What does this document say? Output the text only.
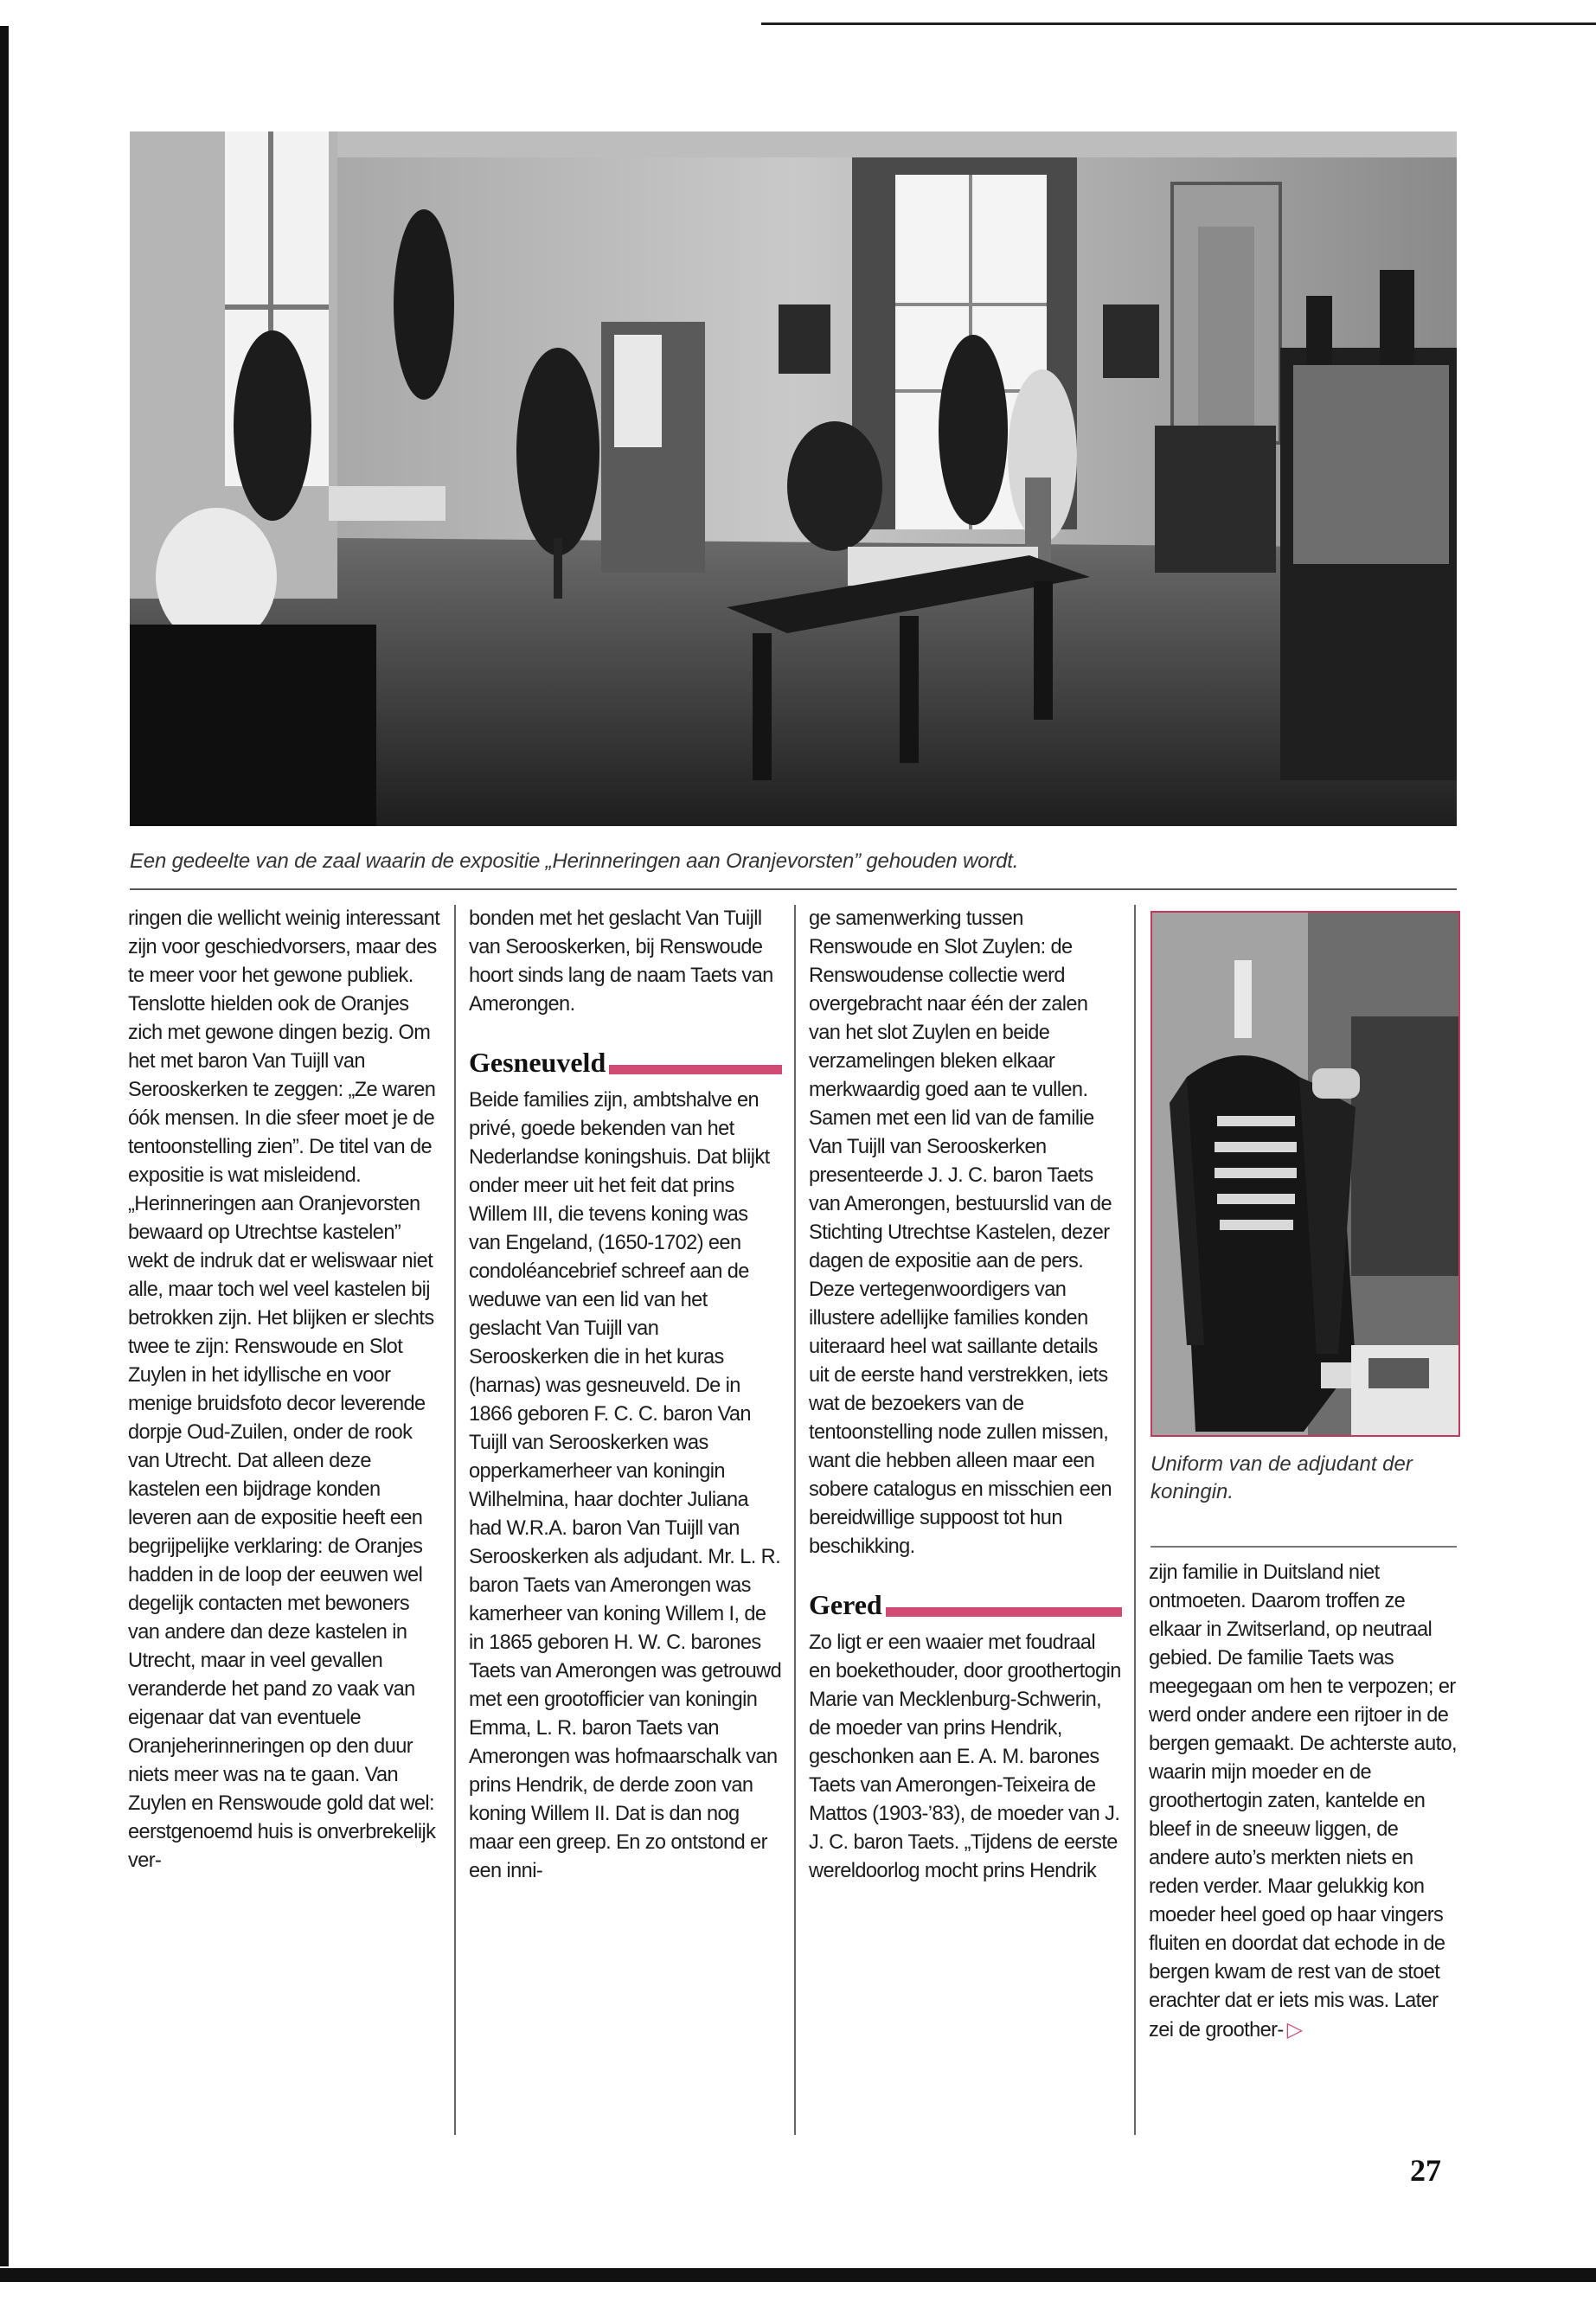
Een gedeelte van de zaal waarin de expositie „Herinneringen aan Oranjevorsten” gehouden wordt.

ringen die wellicht weinig interessant zijn voor geschiedvorsers, maar des te meer voor het gewone publiek. Tenslotte hielden ook de Oranjes zich met gewone dingen bezig. Om het met baron Van Tuijll van Serooskerken te zeggen: „Ze waren óók mensen. In die sfeer moet je de tentoonstelling zien”. De titel van de expositie is wat misleidend. „Herinneringen aan Oranjevorsten bewaard op Utrechtse kastelen” wekt de indruk dat er weliswaar niet alle, maar toch wel veel kastelen bij betrokken zijn. Het blijken er slechts twee te zijn: Renswoude en Slot Zuylen in het idyllische en voor menige bruidsfoto decor leverende dorpje Oud-Zuilen, onder de rook van Utrecht. Dat alleen deze kastelen een bijdrage konden leveren aan de expositie heeft een begrijpelijke verklaring: de Oranjes hadden in de loop der eeuwen wel degelijk contacten met bewoners van andere dan deze kastelen in Utrecht, maar in veel gevallen veranderde het pand zo vaak van eigenaar dat van eventuele Oranjeherinneringen op den duur niets meer was na te gaan. Van Zuylen en Renswoude gold dat wel: eerstgenoemd huis is onverbrekelijk ver-

bonden met het geslacht Van Tuijll van Serooskerken, bij Renswoude hoort sinds lang de naam Taets van Amerongen.

Gesneuveld

Beide families zijn, ambtshalve en privé, goede bekenden van het Nederlandse koningshuis. Dat blijkt onder meer uit het feit dat prins Willem III, die tevens koning was van Engeland, (1650-1702) een condoléancebrief schreef aan de weduwe van een lid van het geslacht Van Tuijll van Serooskerken die in het kuras (harnas) was gesneuveld. De in 1866 geboren F. C. C. baron Van Tuijll van Serooskerken was opperkamerheer van koningin Wilhelmina, haar dochter Juliana had W.R.A. baron Van Tuijll van Serooskerken als adjudant. Mr. L. R. baron Taets van Amerongen was kamerheer van koning Willem I, de in 1865 geboren H. W. C. barones Taets van Amerongen was getrouwd met een grootofficier van koningin Emma, L. R. baron Taets van Amerongen was hofmaarschalk van prins Hendrik, de derde zoon van koning Willem II. Dat is dan nog maar een greep. En zo ontstond er een inni-

ge samenwerking tussen Renswoude en Slot Zuylen: de Renswoudense collectie werd overgebracht naar één der zalen van het slot Zuylen en beide verzamelingen bleken elkaar merkwaardig goed aan te vullen. Samen met een lid van de familie Van Tuijll van Serooskerken presenteerde J. J. C. baron Taets van Amerongen, bestuurslid van de Stichting Utrechtse Kastelen, dezer dagen de expositie aan de pers. Deze vertegenwoordigers van illustere adellijke families konden uiteraard heel wat saillante details uit de eerste hand verstrekken, iets wat de bezoekers van de tentoonstelling node zullen missen, want die hebben alleen maar een sobere catalogus en misschien een bereidwillige suppoost tot hun beschikking.

Gered

Zo ligt er een waaier met foudraal en boekethouder, door groothertogin Marie van Mecklenburg-Schwerin, de moeder van prins Hendrik, geschonken aan E. A. M. barones Taets van Amerongen-Teixeira de Mattos (1903-’83), de moeder van J. J. C. baron Taets. „Tijdens de eerste wereldoorlog mocht prins Hendrik

Uniform van de adjudant der koningin.

zijn familie in Duitsland niet ontmoeten. Daarom troffen ze elkaar in Zwitserland, op neutraal gebied. De familie Taets was meegegaan om hen te verpozen; er werd onder andere een rijtoer in de bergen gemaakt. De achterste auto, waarin mijn moeder en de groothertogin zaten, kantelde en bleef in de sneeuw liggen, de andere auto’s merkten niets en reden verder. Maar gelukkig kon moeder heel goed op haar vingers fluiten en doordat dat echode in de bergen kwam de rest van de stoet erachter dat er iets mis was. Later zei de groother- ▷

27
